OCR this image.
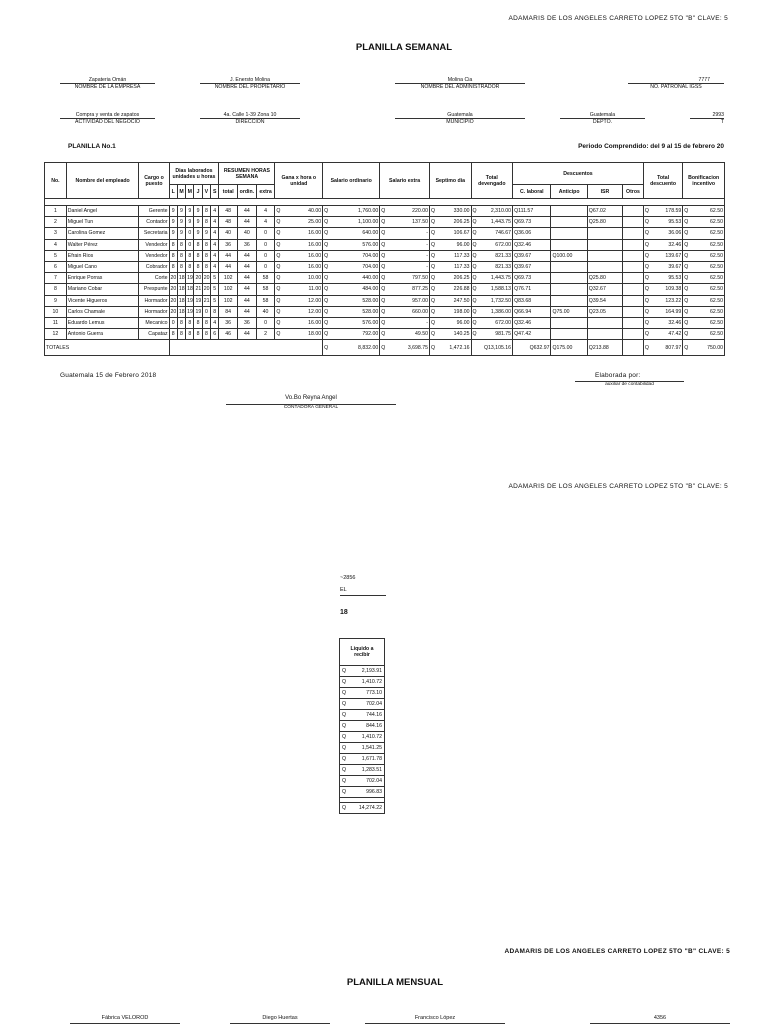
ADAMARIS DE LOS ANGELES CARRETO LOPEZ 5TO "B" CLAVE: 5
PLANILLA SEMANAL
Zapateria Omán
NOMBRE DE LA EMPRESA
J. Enersto Molina
NOMBRE DEL PROPIETARIO
Molina Cia
NOMBRE DEL ADMINISTRADOR
7777
NO. PATRONAL IGSS
Compra y venta de zapatos
ACTIVIDAD DEL NEGOCIO
4a. Calle 1-39 Zona 10
DIRECCION
Guatemala
MUNICIPIO
Guatemala
DEPTO.
2993
T
PLANILLA No.1	Periodo Comprendido: del 9 al 15 de febrero 20
No.	Nombre del empleado	Cargo o puesto	Dias laborados unidades u horas						RESUMEN HORAS SEMANA			Gana x hora o unidad	Salario ordinario	Salario extra	Septimo dia	Total devengado	Descuentos				Total descuento	Bonificacion incentivo
			L	M	M	J	V	S	total	ordin.	extra						C. laboral	Anticipo	ISR	Otros		

1	Daniel Angel	Gerente	9	9	9	9	8	4	48	44	4	Q 40.00	Q 1,760.00	Q 220.00	Q 330.00	Q 2,310.00	Q 111.57		Q 67.02		Q 178.59	Q 62.50
2	Miguel Tun	Contador	9	9	9	9	8	4	48	44	4	Q 25.00	Q 1,100.00	Q 137.50	Q 206.25	Q 1,443.75	Q 69.73		Q 25.80		Q 95.53	Q 62.50
3	Carolina Gomez	Secretaria	9	9	0	9	9	4	40	40	0	Q 16.00	Q 640.00	Q -	Q 106.67	Q 746.67	Q 36.06				Q 36.06	Q 62.50
4	Walter Pérez	Vendedor	8	8	0	8	8	4	36	36	0	Q 16.00	Q 576.00	Q -	Q 96.00	Q 672.00	Q 32.46				Q 32.46	Q 62.50
5	Efrain Rios	Vendedor	8	8	8	8	8	4	44	44	0	Q 16.00	Q 704.00	Q -	Q 117.33	Q 821.33	Q 39.67	Q 100.00			Q 139.67	Q 62.50
6	Miguel Cano	Cobrador	8	8	8	8	8	4	44	44	0	Q 16.00	Q 704.00	Q -	Q 117.33	Q 821.33	Q 39.67				Q 39.67	Q 62.50
7	Enrique Porras	Corte	20	18	19	20	20	5	102	44	58	Q 10.00	Q 440.00	Q 797.50	Q 206.25	Q 1,443.75	Q 69.73		Q 25.80		Q 95.53	Q 62.50
8	Mariano Cobar	Prespunte	20	18	18	21	20	5	102	44	58	Q 11.00	Q 484.00	Q 877.25	Q 226.88	Q 1,588.13	Q 76.71		Q 32.67		Q 109.38	Q 62.50
9	Vicente Higueros	Hormador	20	18	19	19	21	5	102	44	58	Q 12.00	Q 528.00	Q 957.00	Q 247.50	Q 1,732.50	Q 83.68		Q 39.54		Q 123.22	Q 62.50
10	Carlos Chamale	Hormador	20	18	19	19	0	8	84	44	40	Q 12.00	Q 528.00	Q 660.00	Q 198.00	Q 1,386.00	Q 66.94	Q 75.00	Q 23.05		Q 164.99	Q 62.50
11	Eduardo Lemus	Mecanico	0	8	8	8	8	4	36	36	0	Q 16.00	Q 576.00	Q -	Q 96.00	Q 672.00	Q 32.46				Q 32.46	Q 62.50
12	Antonio Guerra	Capataz	8	8	8	8	8	6	46	44	2	Q 18.00	Q 792.00	Q 49.50	Q 140.25	Q 981.75	Q 47.42				Q 47.42	Q 62.50
TOTALES													Q 8,832.00	Q 3,698.75	Q 1,472.16	Q13,105.16	Q632.97	Q 175.00	Q 213.88		Q 807.97	Q 750.00
Guatemala 15 de Febrero 2018	Elaborada por:
auxiliar de contabilidad
Vo.Bo Reyna Angel
CONTADORA GENERAL
ADAMARIS DE LOS ANGELES CARRETO LOPEZ 5TO "B" CLAVE: 5
~2856
EL
18
Liquido a recibir

Q	2,193.91

Q	1,410.72

Q	773.10

Q	702.04

Q	744.16

Q	844.16

Q	1,410.72

Q	1,541.25

Q	1,671.78

Q	1,283.51

Q	702.04

Q	996.83

Q 14,274.22
ADAMARIS DE LOS ANGELES CARRETO LOPEZ 5TO "B" CLAVE: 5
PLANILLA MENSUAL
Fábrica VELOROD	Diego Huertas	Francisco López	4356
